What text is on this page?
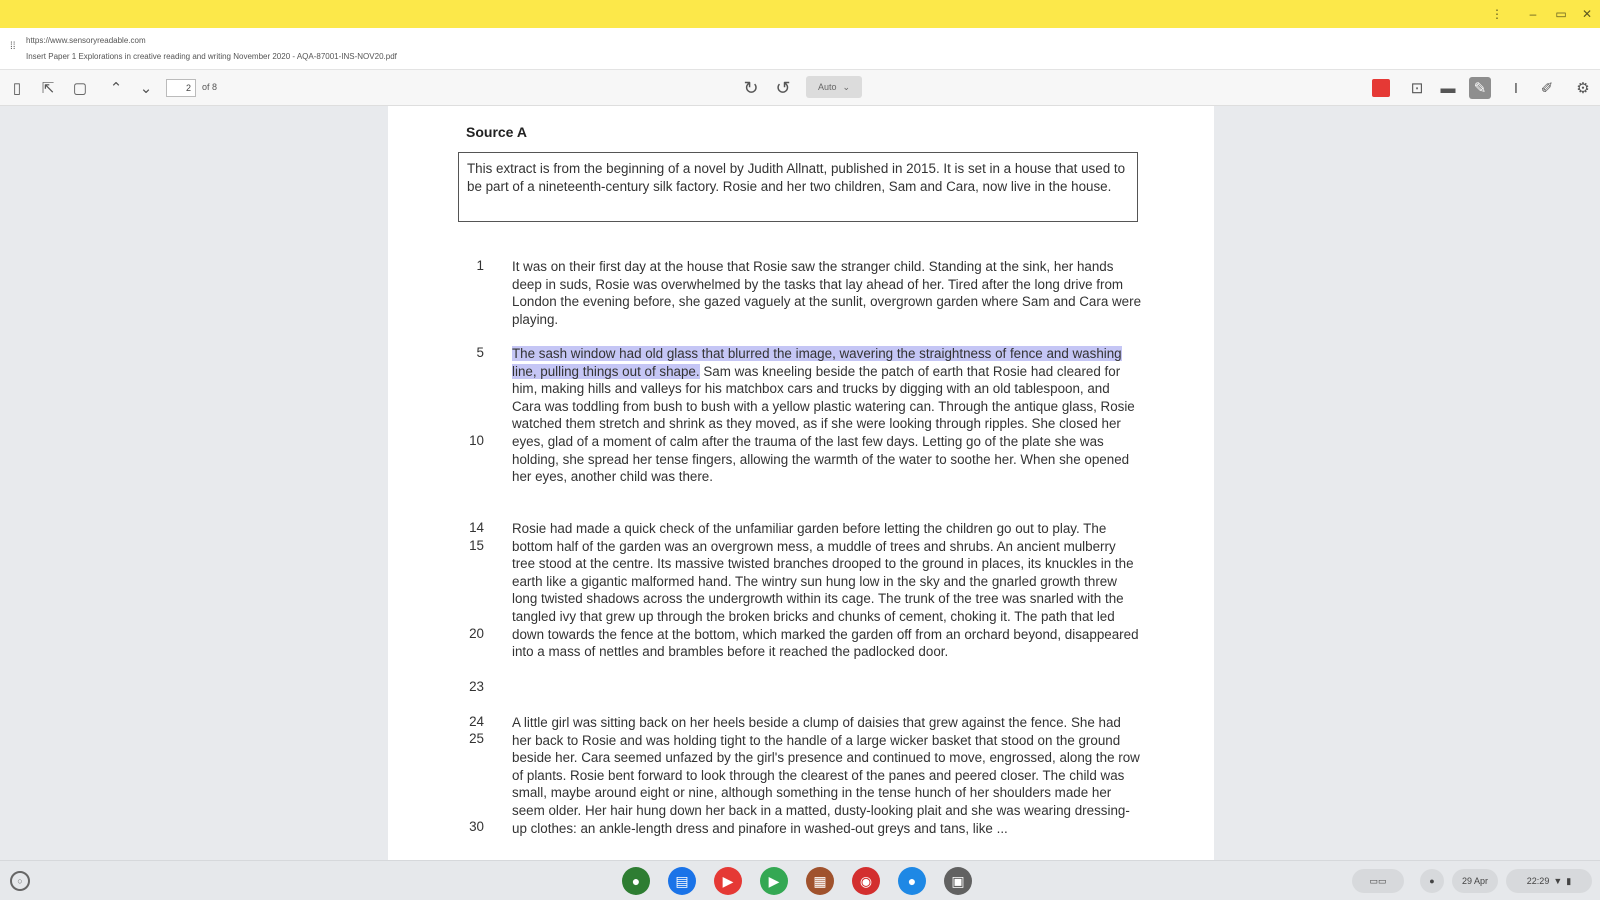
⋮	–	▭	✕
⁞⁞
https://www.sensoryreadable.com
Insert Paper 1 Explorations in creative reading and writing November 2020 - AQA-87001-INS-NOV20.pdf
▯	⇱	▢	⌃	⌄
2	of 8	↻ ↺	Auto ⌄	⊡	▬	✎	I	✐	⚙
Source A
This extract is from the beginning of a novel by Judith Allnatt, published in 2015. It is set in a house that used to be part of a nineteenth-century silk factory. Rosie and her two children, Sam and Cara, now live in the house.
1 It was on their first day at the house that Rosie saw the stranger child. Standing at the sink, her hands deep in suds, Rosie was overwhelmed by the tasks that lay ahead of her. Tired after the long drive from London the evening before, she gazed vaguely at the sunlit, overgrown garden where Sam and Cara were playing.
5
10
The sash window had old glass that blurred the image, wavering the straightness of fence and washing line, pulling things out of shape. Sam was kneeling beside the patch of earth that Rosie had cleared for him, making hills and valleys for his matchbox cars and trucks by digging with an old tablespoon, and Cara was toddling from bush to bush with a yellow plastic watering can. Through the antique glass, Rosie watched them stretch and shrink as they moved, as if she were looking through ripples. She closed her eyes, glad of a moment of calm after the trauma of the last few days. Letting go of the plate she was holding, she spread her tense fingers, allowing the warmth of the water to soothe her. When she opened her eyes, another child was there.
14
15
20
23
Rosie had made a quick check of the unfamiliar garden before letting the children go out to play. The bottom half of the garden was an overgrown mess, a muddle of trees and shrubs. An ancient mulberry tree stood at the centre. Its massive twisted branches drooped to the ground in places, its knuckles in the earth like a gigantic malformed hand. The wintry sun hung low in the sky and the gnarled growth threw long twisted shadows across the undergrowth within its cage. The trunk of the tree was snarled with the tangled ivy that grew up through the broken bricks and chunks of cement, choking it. The path that led down towards the fence at the bottom, which marked the garden off from an orchard beyond, disappeared into a mass of nettles and brambles before it reached the padlocked door.
24
25
30
A little girl was sitting back on her heels beside a clump of daisies that grew against the fence. She had her back to Rosie and was holding tight to the handle of a large wicker basket that stood on the ground beside her. Cara seemed unfazed by the girl's presence and continued to move, engrossed, along the row of plants. Rosie bent forward to look through the clearest of the panes and peered closer. The child was small, maybe around eight or nine, although something in the tense hunch of her shoulders made her seem older. Her hair hung down her back in a matted, dusty-looking plait and she was wearing dressing-up clothes: an ankle-length dress and pinafore in washed-out greys and tans, like ...
○	●	▤	▶	▶	▦	◉	●	▣	▭▭	●	29 Apr	22:29 ▼ ▮
